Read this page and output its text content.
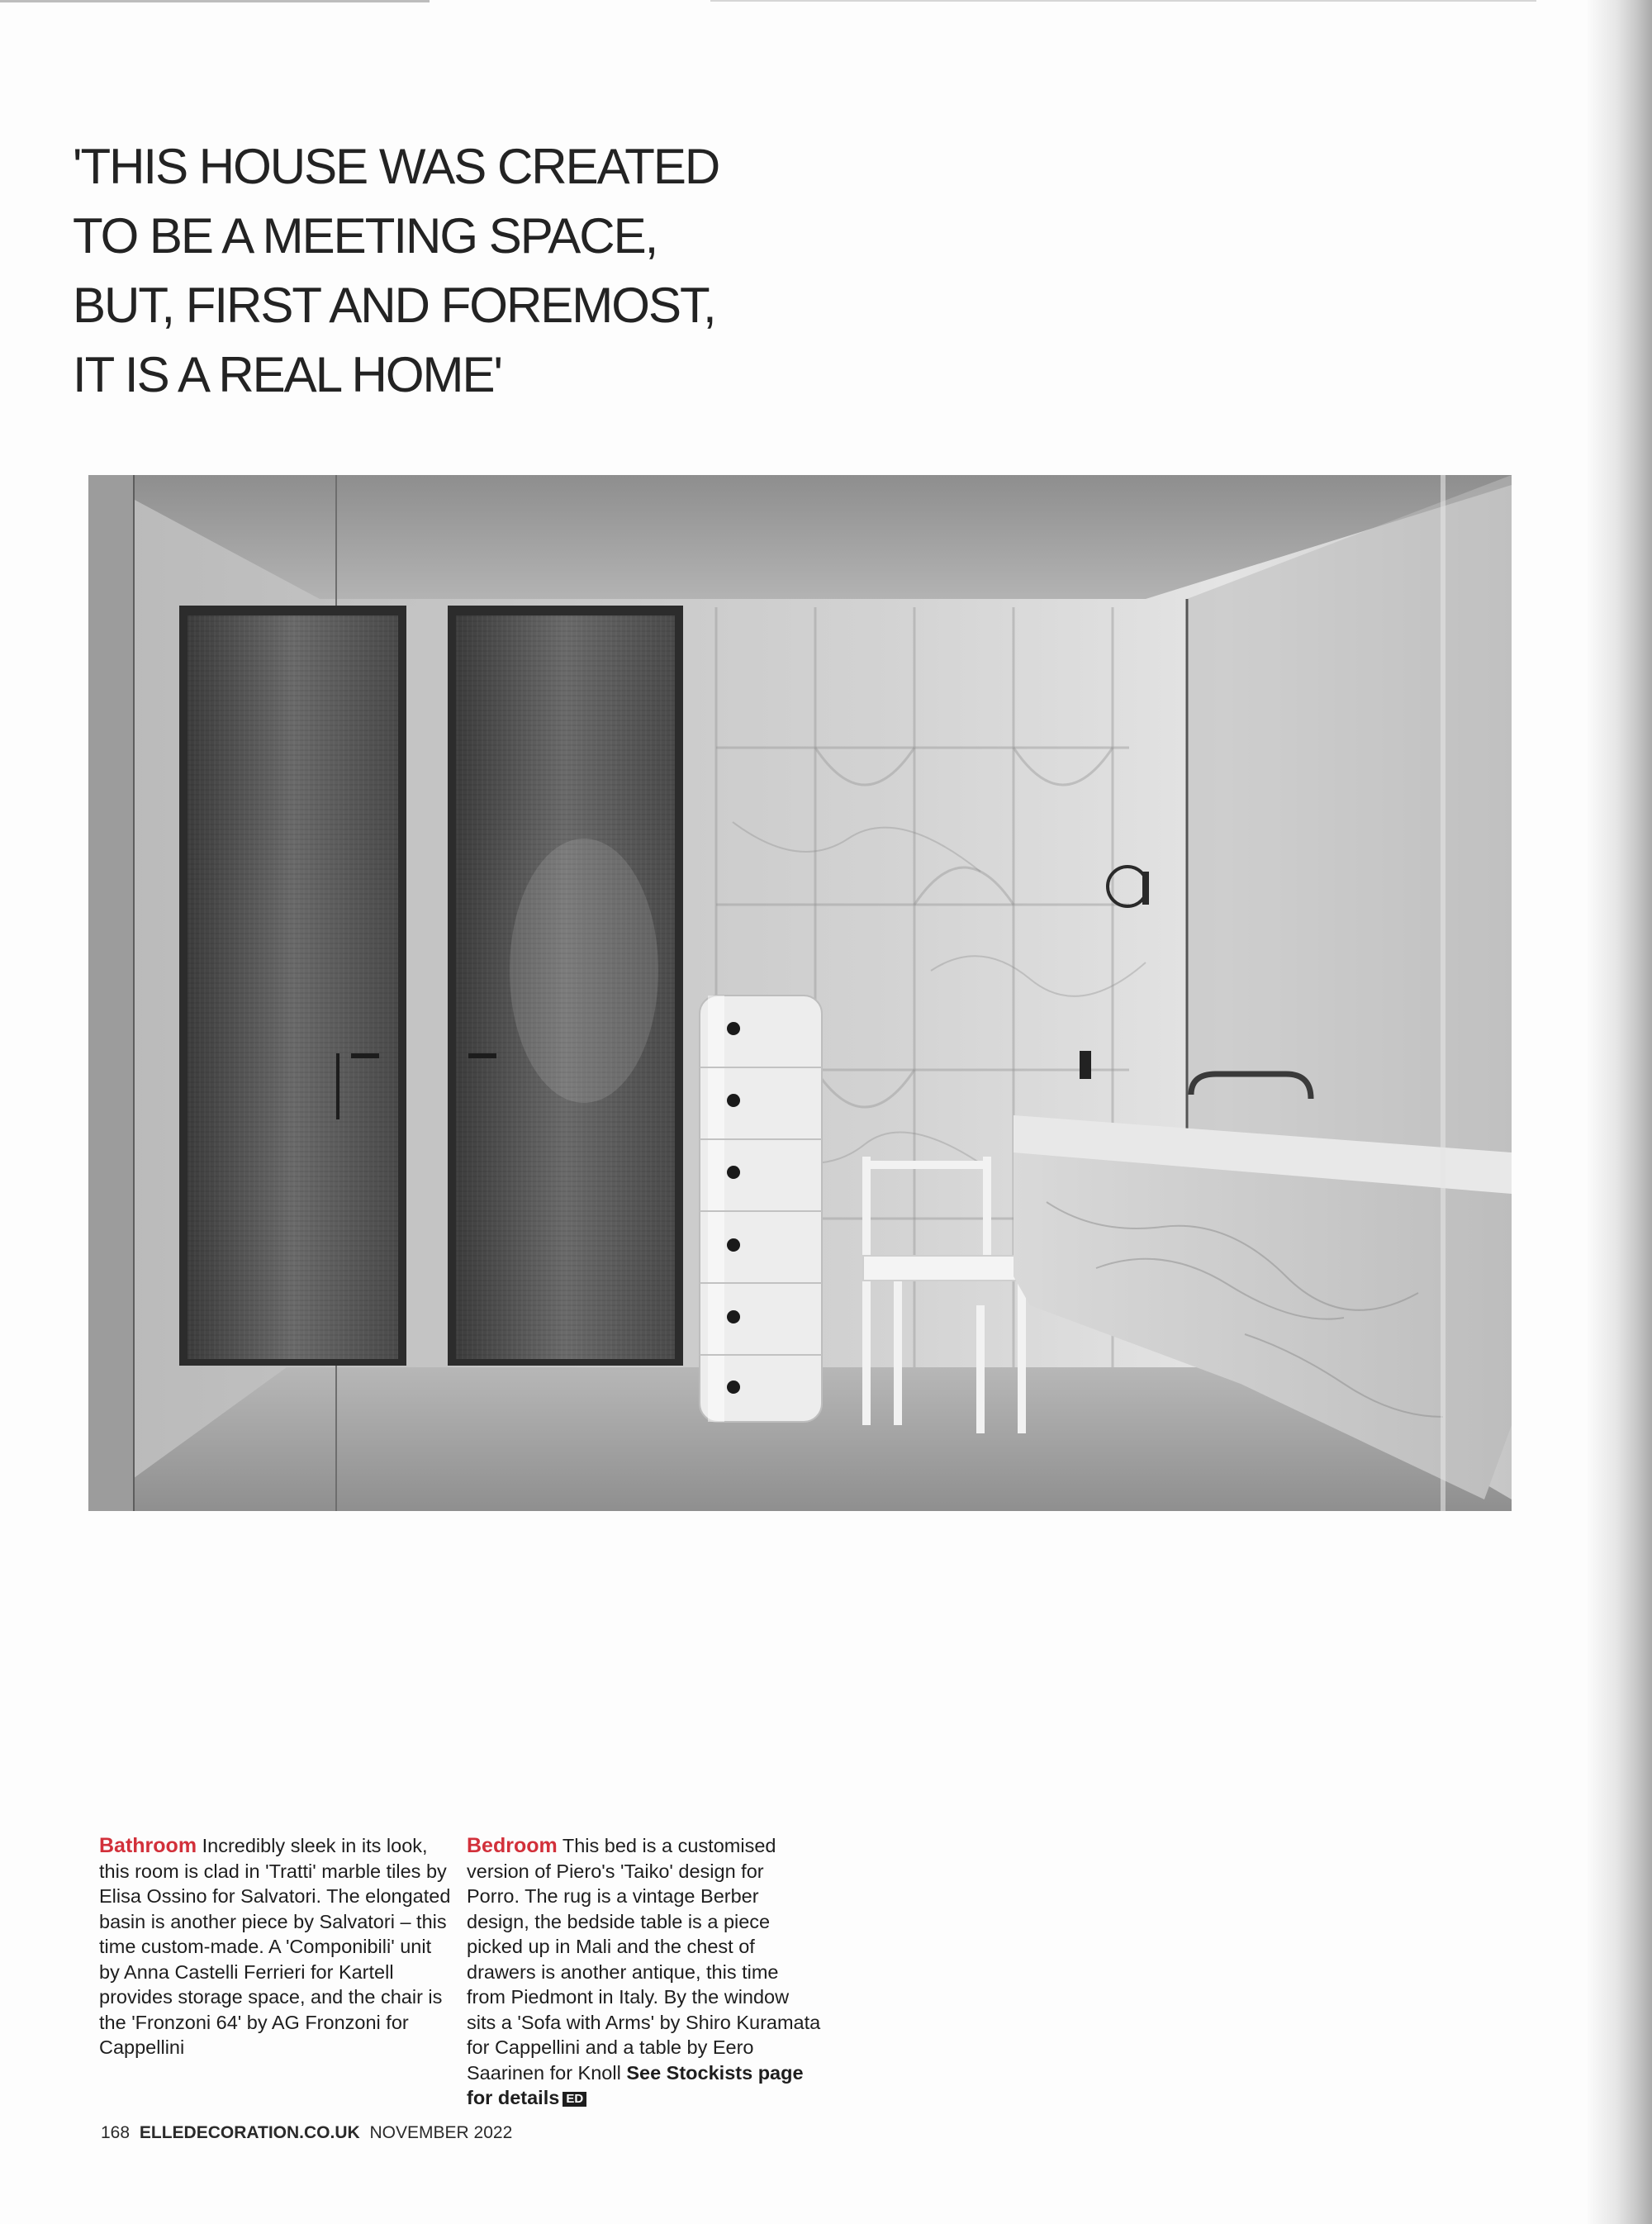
'THIS HOUSE WAS CREATED
TO BE A MEETING SPACE,
BUT, FIRST AND FOREMOST,
IT IS A REAL HOME'
Bathroom Incredibly sleek in its look, this room is clad in 'Tratti' marble tiles by Elisa Ossino for Salvatori. The elongated basin is another piece by Salvatori – this time custom-made. A 'Componibili' unit by Anna Castelli Ferrieri for Kartell provides storage space, and the chair is the 'Fronzoni 64' by AG Fronzoni for Cappellini
Bedroom This bed is a customised version of Piero's 'Taiko' design for Porro. The rug is a vintage Berber design, the bedside table is a piece picked up in Mali and the chest of drawers is another antique, this time from Piedmont in Italy. By the window sits a 'Sofa with Arms' by Shiro Kuramata for Cappellini and a table by Eero Saarinen for Knoll See Stockists page for details ED
168 ELLEDECORATION.CO.UK NOVEMBER 2022
